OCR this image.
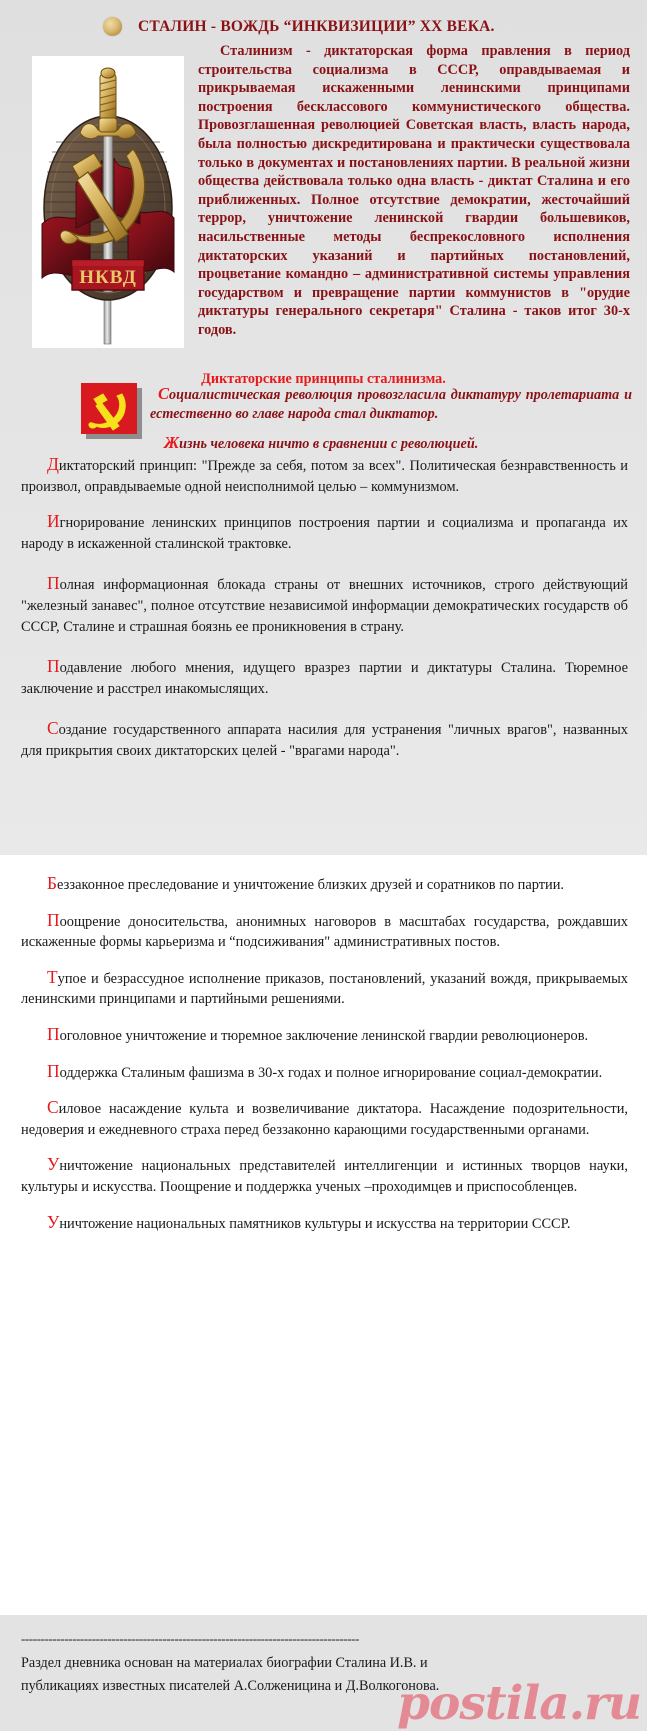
СТАЛИН - ВОЖДЬ “ИНКВИЗИЦИИ” XX ВЕКА.
НКВД
Сталинизм - диктаторская форма правления в период строительства социализма в СССР, оправдываемая и прикрываемая искаженными ленинскими принципами построения бесклассового коммунистического общества. Провозглашенная революцией Советская власть, власть народа, была полностью дискредитирована и практически существовала только в документах и постановлениях партии. В реальной жизни общества действовала только одна власть - диктат Сталина и его приближенных. Полное отсутствие демократии, жесточайший террор, уничтожение ленинской гвардии большевиков, насильственные методы беспрекословного исполнения диктаторских указаний и партийных постановлений, процветание командно – административной системы управления государством и превращение партии коммунистов в "орудие диктатуры генерального секретаря" Сталина - таков итог 30-х годов.
Диктаторские принципы сталинизма.

Социалистическая революция провозгласила диктатуру пролетариата и естественно во главе народа стал диктатор.

Жизнь человека ничто в сравнении с революцией.

Диктаторский принцип: "Прежде за себя, потом за всех". Политическая безнравственность и произвол, оправдываемые одной неисполнимой целью – коммунизмом.

Игнорирование ленинских принципов построения партии и социализма и пропаганда их народу в искаженной сталинской трактовке.

Полная информационная блокада страны от внешних источников, строго действующий "железный занавес", полное отсутствие независимой информации демократических государств об СССР, Сталине и страшная боязнь ее проникновения в страну.

Подавление любого мнения, идущего вразрез партии и диктатуры Сталина. Тюремное заключение и расстрел инакомыслящих.

Создание государственного аппарата насилия для устранения "личных врагов", названных для прикрытия своих диктаторских целей - "врагами народа".

Беззаконное преследование и уничтожение близких друзей и соратников по партии.

Поощрение доносительства, анонимных наговоров в масштабах государства, рождавших искаженные формы карьеризма и “подсиживания" административных постов.

Тупое и безрассудное исполнение приказов, постановлений, указаний вождя, прикрываемых ленинскими принципами и партийными решениями.

Поголовное уничтожение и тюремное заключение ленинской гвардии революционеров.

Поддержка Сталиным фашизма в 30-х годах и полное игнорирование социал-демократии.

Силовое насаждение культа и возвеличивание диктатора. Насаждение подозрительности, недоверия и ежедневного страха перед беззаконно карающими государственными органами.

Уничтожение национальных представителей интеллигенции и истинных творцов науки, культуры и искусства. Поощрение и поддержка ученых –проходимцев и приспособленцев.

Уничтожение национальных памятников культуры и искусства на территории СССР.

--------------------------------------------------------------------------------------
Раздел дневника основан на материалах биографии Сталина И.В. и
публикациях известных писателей А.Солженицина и Д.Волкогонова.
postila.ru
